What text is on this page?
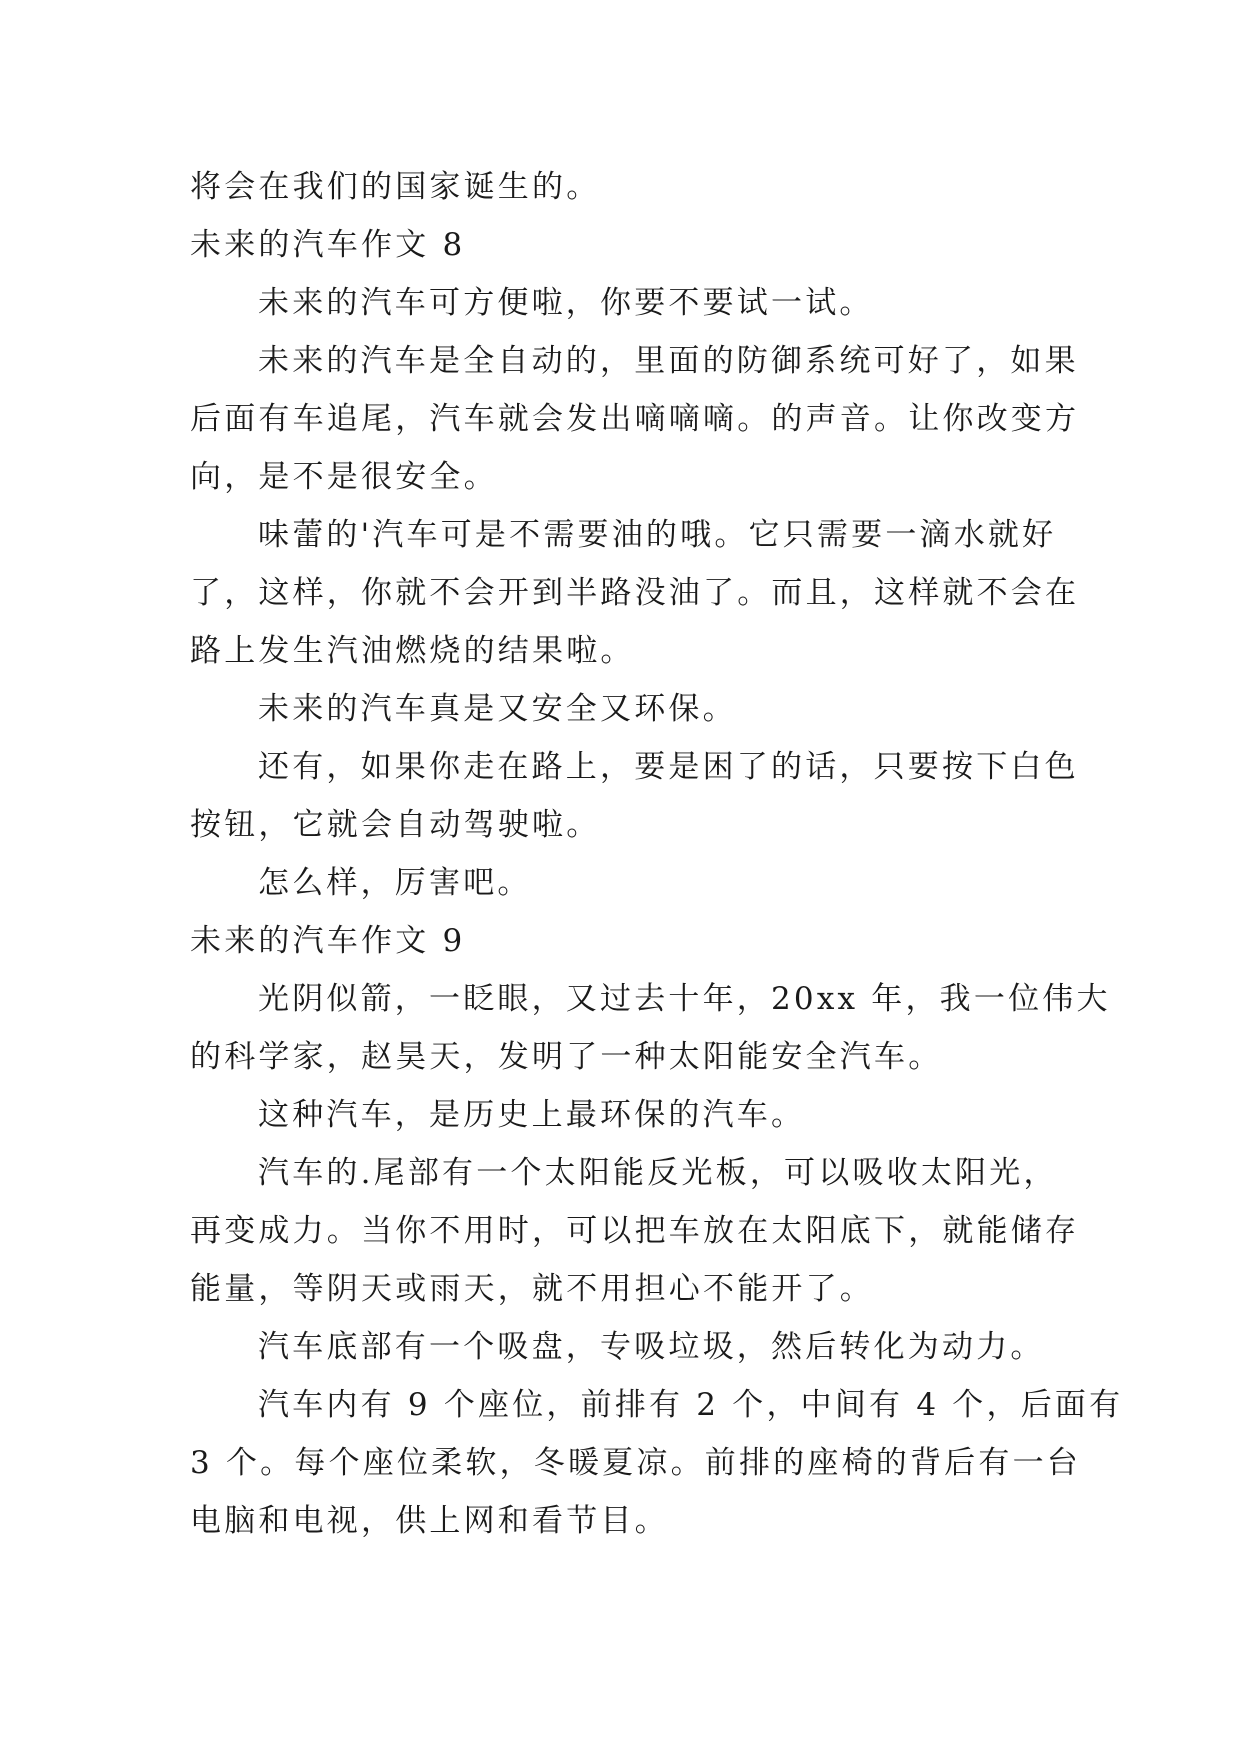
将会在我们的国家诞生的。

未来的汽车作文 8

未来的汽车可方便啦，你要不要试一试。

未来的汽车是全自动的，里面的防御系统可好了，如果

后面有车追尾，汽车就会发出嘀嘀嘀。的声音。让你改变方

向，是不是很安全。

味蕾的'汽车可是不需要油的哦。它只需要一滴水就好

了，这样，你就不会开到半路没油了。而且，这样就不会在

路上发生汽油燃烧的结果啦。

未来的汽车真是又安全又环保。

还有，如果你走在路上，要是困了的话，只要按下白色

按钮，它就会自动驾驶啦。

怎么样，厉害吧。

未来的汽车作文 9

光阴似箭，一眨眼，又过去十年，20xx 年，我一位伟大

的科学家，赵昊天，发明了一种太阳能安全汽车。

这种汽车，是历史上最环保的汽车。

汽车的.尾部有一个太阳能反光板，可以吸收太阳光，

再变成力。当你不用时，可以把车放在太阳底下，就能储存

能量，等阴天或雨天，就不用担心不能开了。

汽车底部有一个吸盘，专吸垃圾，然后转化为动力。

汽车内有 9 个座位，前排有 2 个，中间有 4 个，后面有

3 个。每个座位柔软，冬暖夏凉。前排的座椅的背后有一台

电脑和电视，供上网和看节目。
